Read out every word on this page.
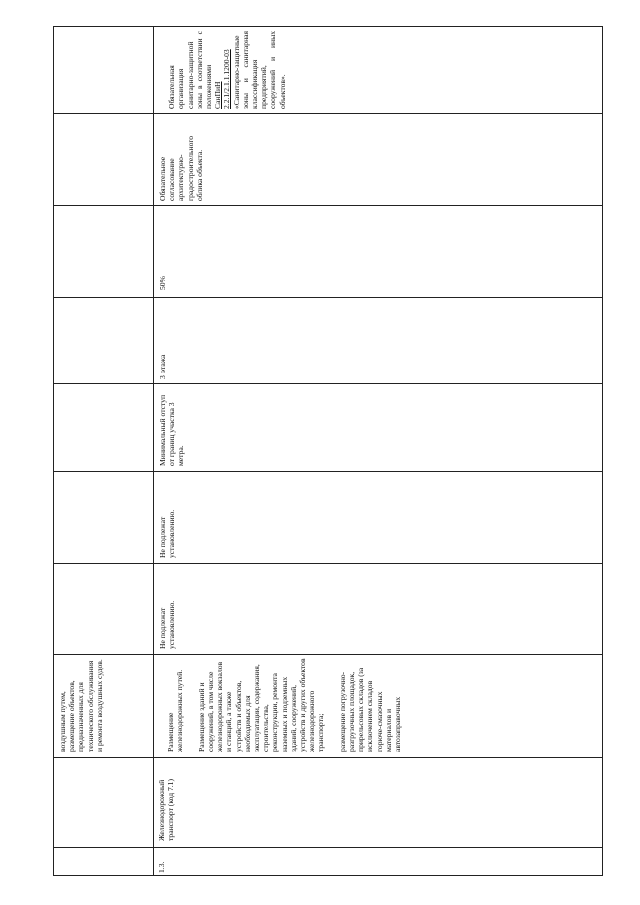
воздушным путем, размещение объектов, предназначенных для технического обслуживания и ремонта воздушных судов.
1.3.
Железнодорожный транспорт (код 7.1)

Размещение железнодорожных путей. Размещение зданий и сооружений, в том числе железнодорожных вокзалов и станций, а также устройств и объектов, необходимых для эксплуатации, содержания, строительства, реконструкции, ремонта наземных и подземных зданий, сооружений, устройств и других объектов железнодорожного транспорта; размещение погрузочно-разгрузочных площадок, прирельсовых складов (за исключением складов горюче-смазочных материалов и автозаправочных

Не подлежат установлению.
Не подлежат установлению.
Минимальный отступ от границ участка 3 метра.
3 этажа
50%
Обязательное согласование архитектурно-градостроительного облика объекта.

Обязательная организация санитарно-защитной зоны в соответствии с положениями
СанПиН 2.2.1/2.1.1.1200-03
«Санитарно-защитные зоны и санитарная классификация предприятий, сооружений и иных объектов».
